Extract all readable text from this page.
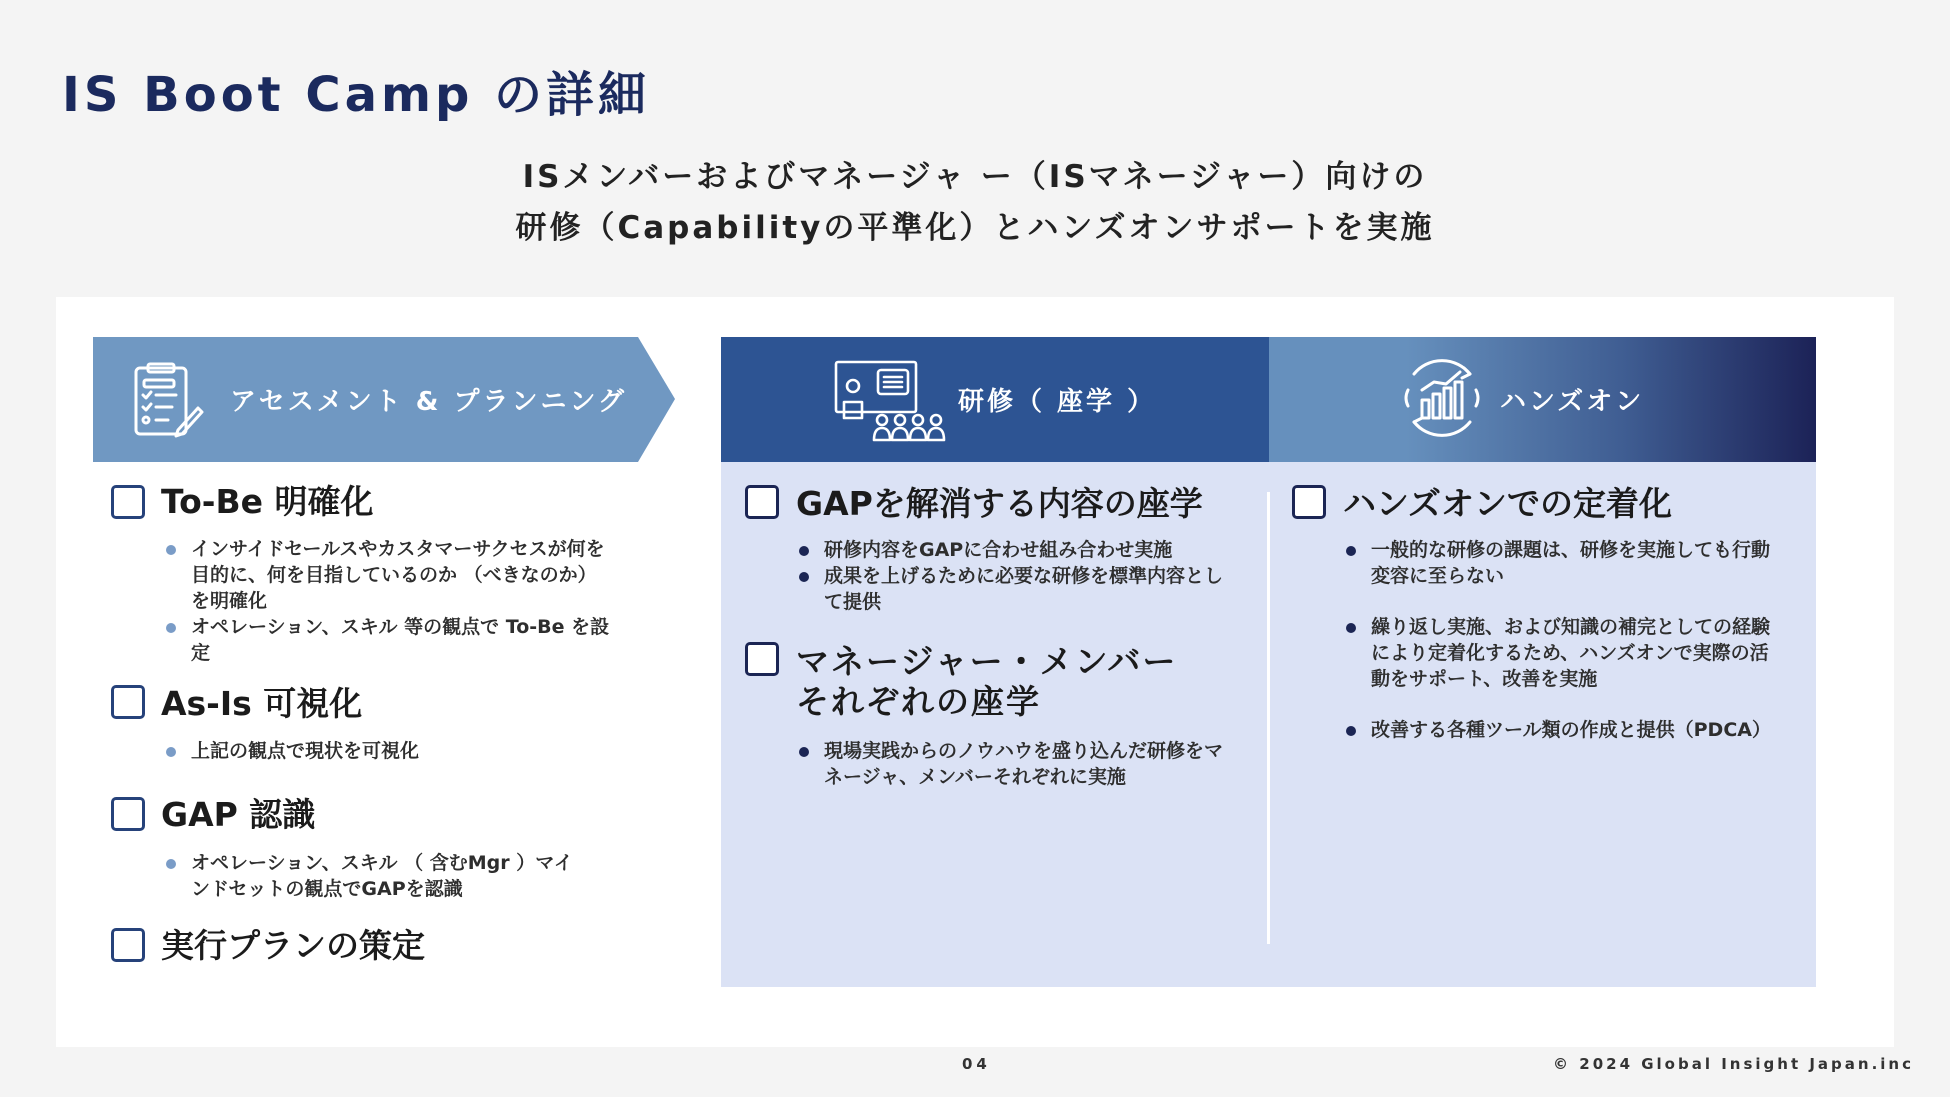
IS Boot Camp の詳細
ISメンバーおよびマネージャ ー（ISマネージャー）向けの
研修（Capabilityの平準化）とハンズオンサポートを実施
アセスメント & プランニング	研修（ 座学 ）	ハンズオン
To-Be 明確化
インサイドセールスやカスタマーサクセスが何を目的に、何を目指しているのか （べきなのか） を明確化
オペレーション、スキル 等の観点で To-Be を設定
As-Is 可視化
上記の観点で現状を可視化
GAP 認識
オペレーション、スキル （ 含むMgr ）マインドセットの観点でGAPを認識
実行プランの策定
GAPを解消する内容の座学
研修内容をGAPに合わせ組み合わせ実施
成果を上げるために必要な研修を標準内容として提供
マネージャー・メンバー
それぞれの座学
現場実践からのノウハウを盛り込んだ研修をマネージャ、メンバーそれぞれに実施
ハンズオンでの定着化
一般的な研修の課題は、研修を実施しても行動変容に至らない
繰り返し実施、および知識の補完としての経験により定着化するため、ハンズオンで実際の活動をサポート、改善を実施
改善する各種ツール類の作成と提供（PDCA）
04	© 2024 Global Insight Japan.inc
